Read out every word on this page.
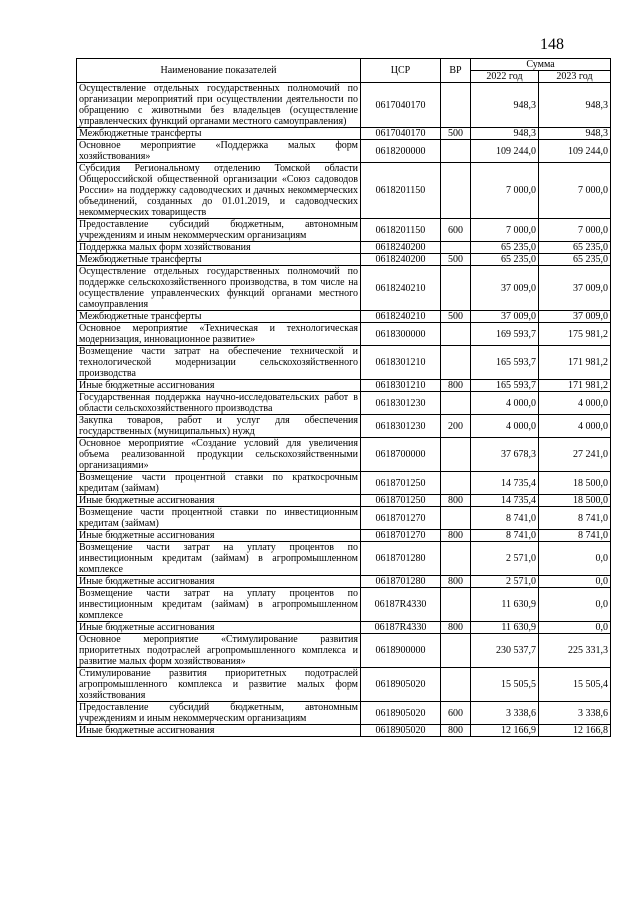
148
Наименование показателей	ЦСР	ВР	Сумма	
			2022 год	2023 год
Осуществление отдельных государственных полномочий по организации мероприятий при осуществлении деятельности по обращению с животными без владельцев (осуществление управленческих функций органами местного самоуправления)	0617040170		948,3	948,3
Межбюджетные трансферты	0617040170	500	948,3	948,3
Основное мероприятие «Поддержка малых форм хозяйствования»	0618200000		109 244,0	109 244,0
Субсидия Региональному отделению Томской области Общероссийской общественной организации «Союз садоводов России» на поддержку садоводческих и дачных некоммерческих объединений, созданных до 01.01.2019, и садоводческих некоммерческих товариществ	0618201150		7 000,0	7 000,0
Предоставление субсидий бюджетным, автономным учреждениям и иным некоммерческим организациям	0618201150	600	7 000,0	7 000,0
Поддержка малых форм хозяйствования	0618240200		65 235,0	65 235,0
Межбюджетные трансферты	0618240200	500	65 235,0	65 235,0
Осуществление отдельных государственных полномочий по поддержке сельскохозяйственного производства, в том числе на осуществление управленческих функций органами местного самоуправления	0618240210		37 009,0	37 009,0
Межбюджетные трансферты	0618240210	500	37 009,0	37 009,0
Основное мероприятие «Техническая и технологическая модернизация, инновационное развитие»	0618300000		169 593,7	175 981,2
Возмещение части затрат на обеспечение технической и технологической модернизации сельскохозяйственного производства	0618301210		165 593,7	171 981,2
Иные бюджетные ассигнования	0618301210	800	165 593,7	171 981,2
Государственная поддержка научно-исследовательских работ в области сельскохозяйственного производства	0618301230		4 000,0	4 000,0
Закупка товаров, работ и услуг для обеспечения государственных (муниципальных) нужд	0618301230	200	4 000,0	4 000,0
Основное мероприятие «Создание условий для увеличения объема реализованной продукции сельскохозяйственными организациями»	0618700000		37 678,3	27 241,0
Возмещение части процентной ставки по краткосрочным кредитам (займам)	0618701250		14 735,4	18 500,0
Иные бюджетные ассигнования	0618701250	800	14 735,4	18 500,0
Возмещение части процентной ставки по инвестиционным кредитам (займам)	0618701270		8 741,0	8 741,0
Иные бюджетные ассигнования	0618701270	800	8 741,0	8 741,0
Возмещение части затрат на уплату процентов по инвестиционным кредитам (займам) в агропромышленном комплексе	0618701280		2 571,0	0,0
Иные бюджетные ассигнования	0618701280	800	2 571,0	0,0
Возмещение части затрат на уплату процентов по инвестиционным кредитам (займам) в агропромышленном комплексе	06187R4330		11 630,9	0,0
Иные бюджетные ассигнования	06187R4330	800	11 630,9	0,0
Основное мероприятие «Стимулирование развития приоритетных подотраслей агропромышленного комплекса и развитие малых форм хозяйствования»	0618900000		230 537,7	225 331,3
Стимулирование развития приоритетных подотраслей агропромышленного комплекса и развитие малых форм хозяйствования	0618905020		15 505,5	15 505,4
Предоставление субсидий бюджетным, автономным учреждениям и иным некоммерческим организациям	0618905020	600	3 338,6	3 338,6
Иные бюджетные ассигнования	0618905020	800	12 166,9	12 166,8
